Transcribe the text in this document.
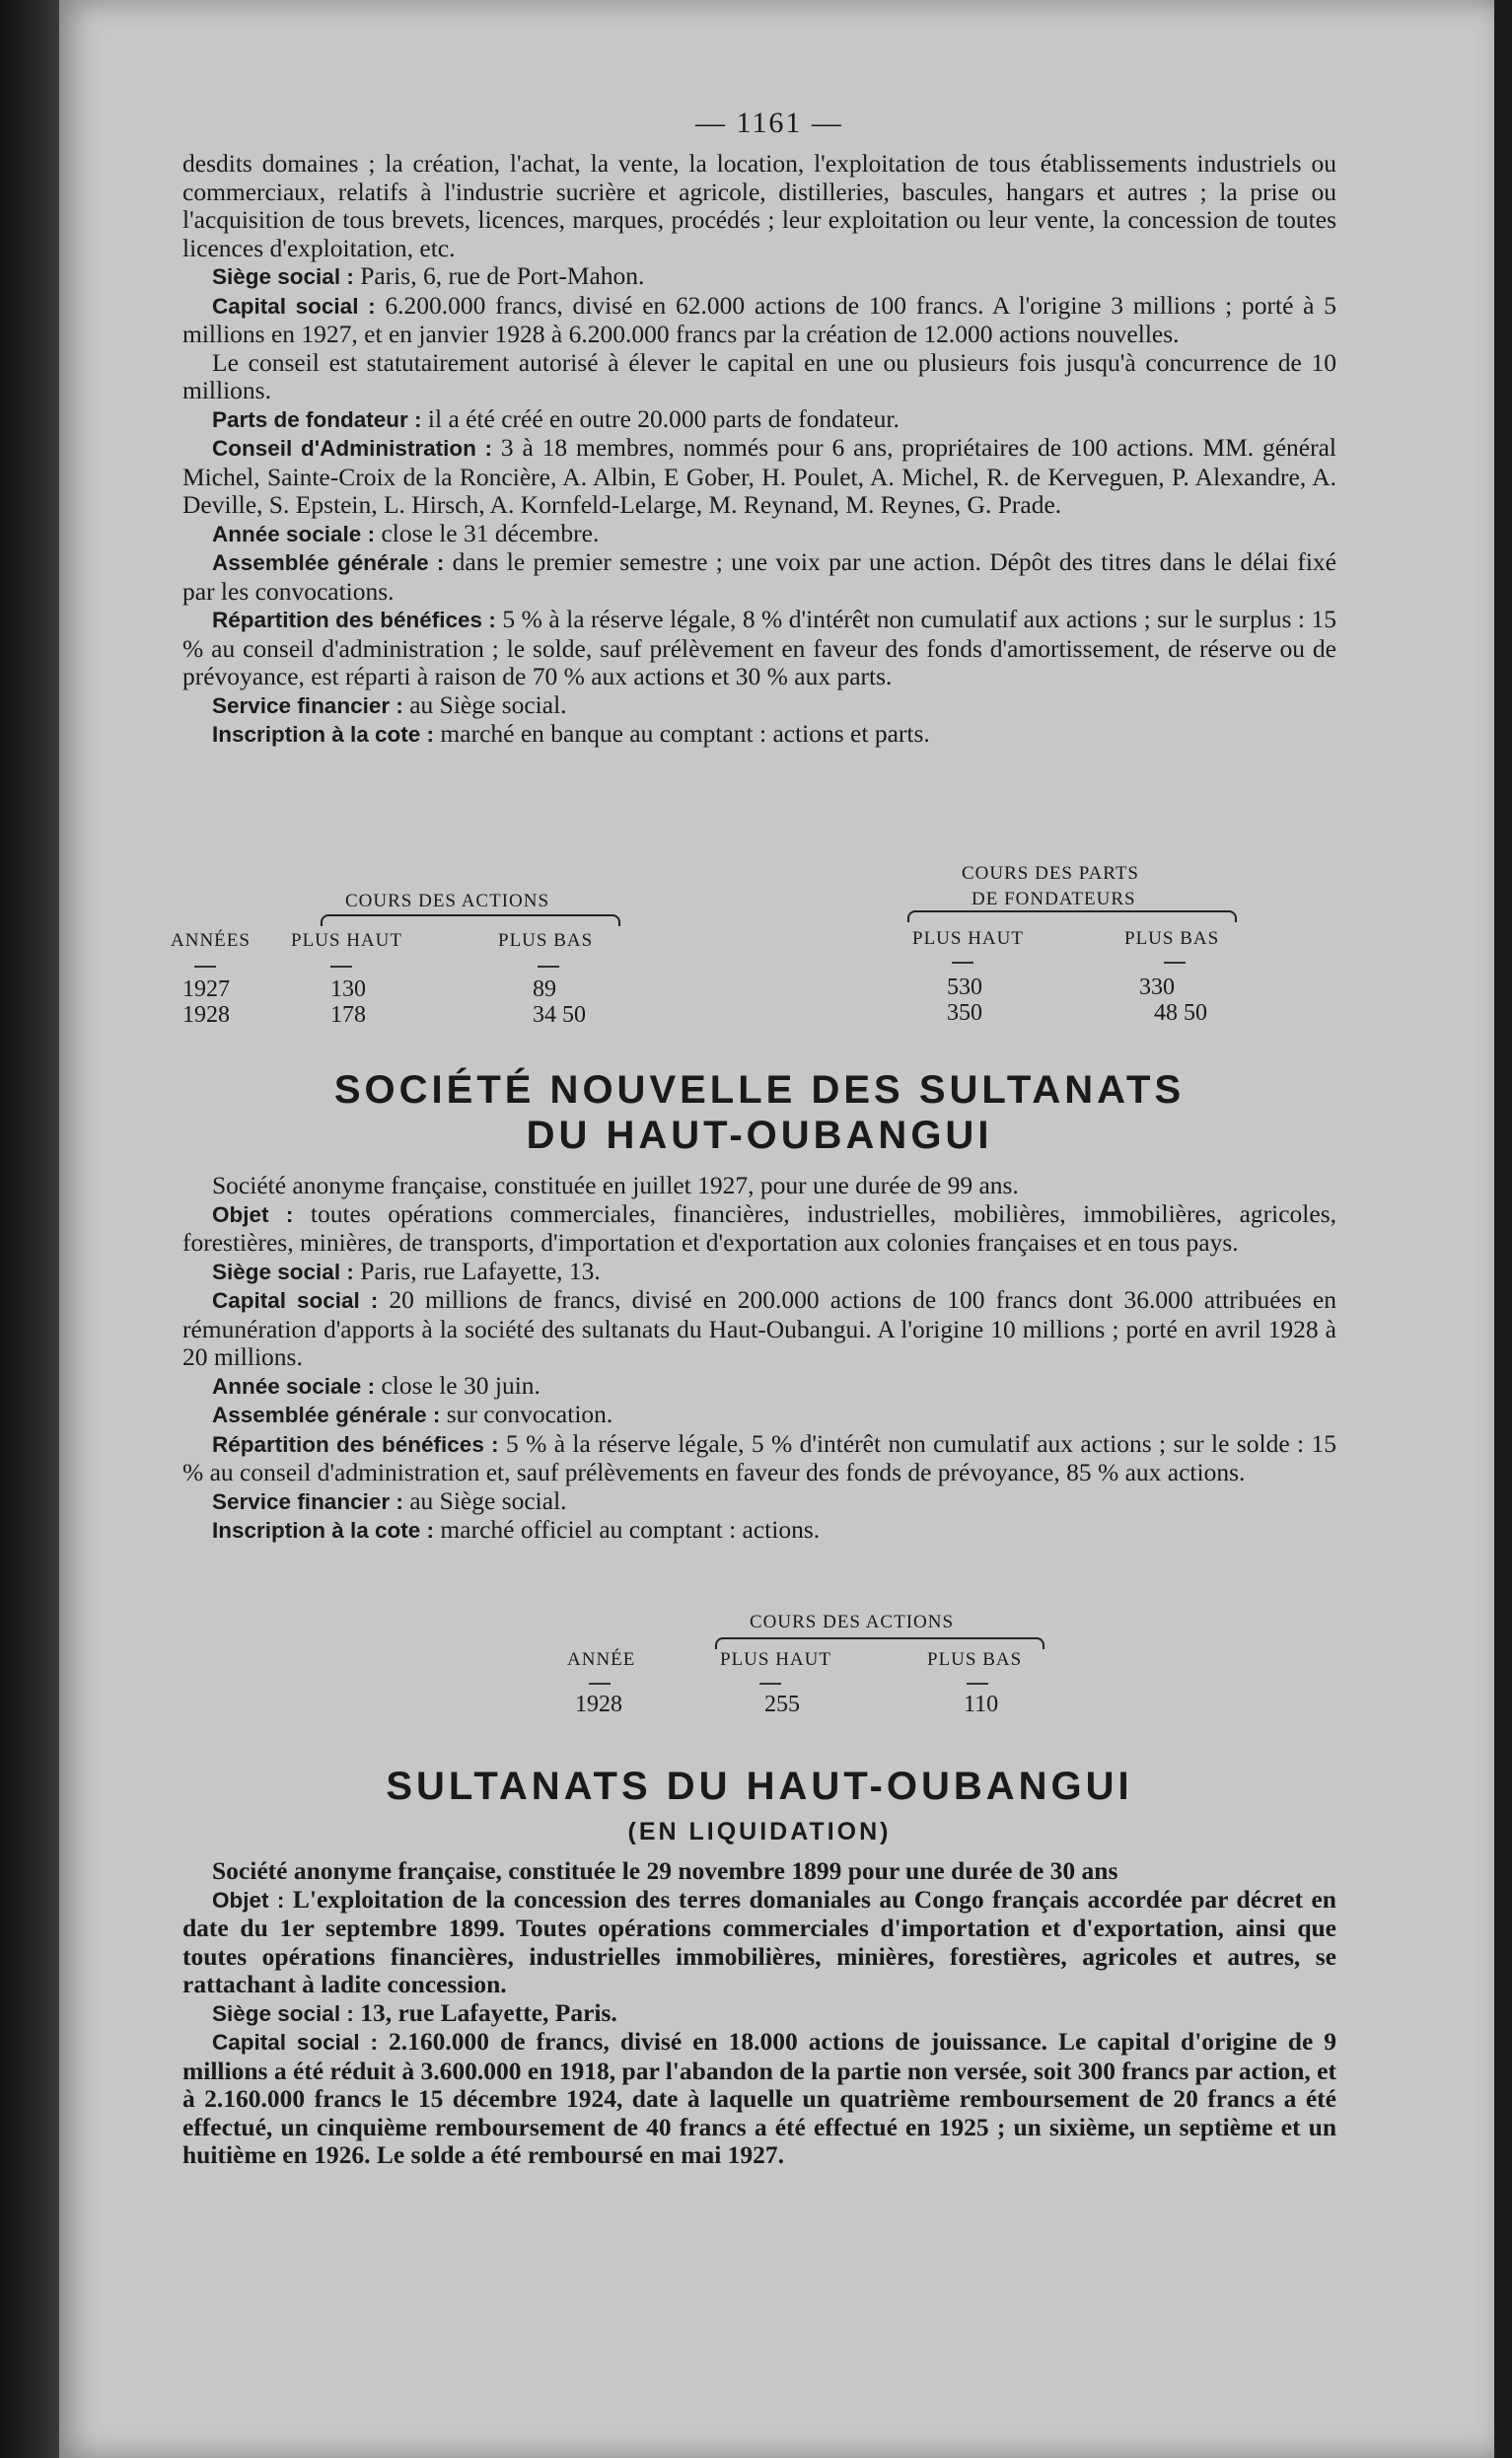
— 1161 —

desdits domaines ; la création, l'achat, la vente, la location, l'exploitation de tous établissements industriels ou commerciaux, relatifs à l'industrie sucrière et agricole, distilleries, bascules, hangars et autres ; la prise ou l'acquisition de tous brevets, licences, marques, procédés ; leur exploitation ou leur vente, la concession de toutes licences d'exploitation, etc.

Siège social : Paris, 6, rue de Port-Mahon.

Capital social : 6.200.000 francs, divisé en 62.000 actions de 100 francs. A l'origine 3 millions ; porté à 5 millions en 1927, et en janvier 1928 à 6.200.000 francs par la création de 12.000 actions nouvelles.

Le conseil est statutairement autorisé à élever le capital en une ou plusieurs fois jusqu'à concurrence de 10 millions.

Parts de fondateur : il a été créé en outre 20.000 parts de fondateur.

Conseil d'Administration : 3 à 18 membres, nommés pour 6 ans, propriétaires de 100 actions. MM. général Michel, Sainte-Croix de la Roncière, A. Albin, E Gober, H. Poulet, A. Michel, R. de Kerveguen, P. Alexandre, A. Deville, S. Epstein, L. Hirsch, A. Kornfeld-Lelarge, M. Reynand, M. Reynes, G. Prade.

Année sociale : close le 31 décembre.

Assemblée générale : dans le premier semestre ; une voix par une action. Dépôt des titres dans le délai fixé par les convocations.

Répartition des bénéfices : 5 % à la réserve légale, 8 % d'intérêt non cumulatif aux actions ; sur le surplus : 15 % au conseil d'administration ; le solde, sauf prélèvement en faveur des fonds d'amortissement, de réserve ou de prévoyance, est réparti à raison de 70 % aux actions et 30 % aux parts.

Service financier : au Siège social.

Inscription à la cote : marché en banque au comptant : actions et parts.

COURS DES PARTS
COURS DES ACTIONS	DE FONDATEURS
ANNÉES PLUS HAUT	PLUS BAS	PLUS HAUT	PLUS BAS
1927	130	89	530	330
1928	178	34 50	350	48 50
SOCIÉTÉ NOUVELLE DES SULTANATS
DU HAUT-OUBANGUI

Société anonyme française, constituée en juillet 1927, pour une durée de 99 ans.

Objet : toutes opérations commerciales, financières, industrielles, mobilières, immobilières, agricoles, forestières, minières, de transports, d'importation et d'exportation aux colonies françaises et en tous pays.

Siège social : Paris, rue Lafayette, 13.

Capital social : 20 millions de francs, divisé en 200.000 actions de 100 francs dont 36.000 attribuées en rémunération d'apports à la société des sultanats du Haut-Oubangui. A l'origine 10 millions ; porté en avril 1928 à 20 millions.

Année sociale : close le 30 juin.

Assemblée générale : sur convocation.

Répartition des bénéfices : 5 % à la réserve légale, 5 % d'intérêt non cumulatif aux actions ; sur le solde : 15 % au conseil d'administration et, sauf prélèvements en faveur des fonds de prévoyance, 85 % aux actions.

Service financier : au Siège social.

Inscription à la cote : marché officiel au comptant : actions.

COURS DES ACTIONS
ANNÉE	PLUS HAUT	PLUS BAS
1928	255	110
SULTANATS DU HAUT-OUBANGUI
(EN LIQUIDATION)

Société anonyme française, constituée le 29 novembre 1899 pour une durée de 30 ans

Objet : L'exploitation de la concession des terres domaniales au Congo français accordée par décret en date du 1er septembre 1899. Toutes opérations commerciales d'importation et d'exportation, ainsi que toutes opérations financières, industrielles immobilières, minières, forestières, agricoles et autres, se rattachant à ladite concession.

Siège social : 13, rue Lafayette, Paris.

Capital social : 2.160.000 de francs, divisé en 18.000 actions de jouissance. Le capital d'origine de 9 millions a été réduit à 3.600.000 en 1918, par l'abandon de la partie non versée, soit 300 francs par action, et à 2.160.000 francs le 15 décembre 1924, date à laquelle un quatrième remboursement de 20 francs a été effectué, un cinquième remboursement de 40 francs a été effectué en 1925 ; un sixième, un septième et un huitième en 1926. Le solde a été remboursé en mai 1927.
